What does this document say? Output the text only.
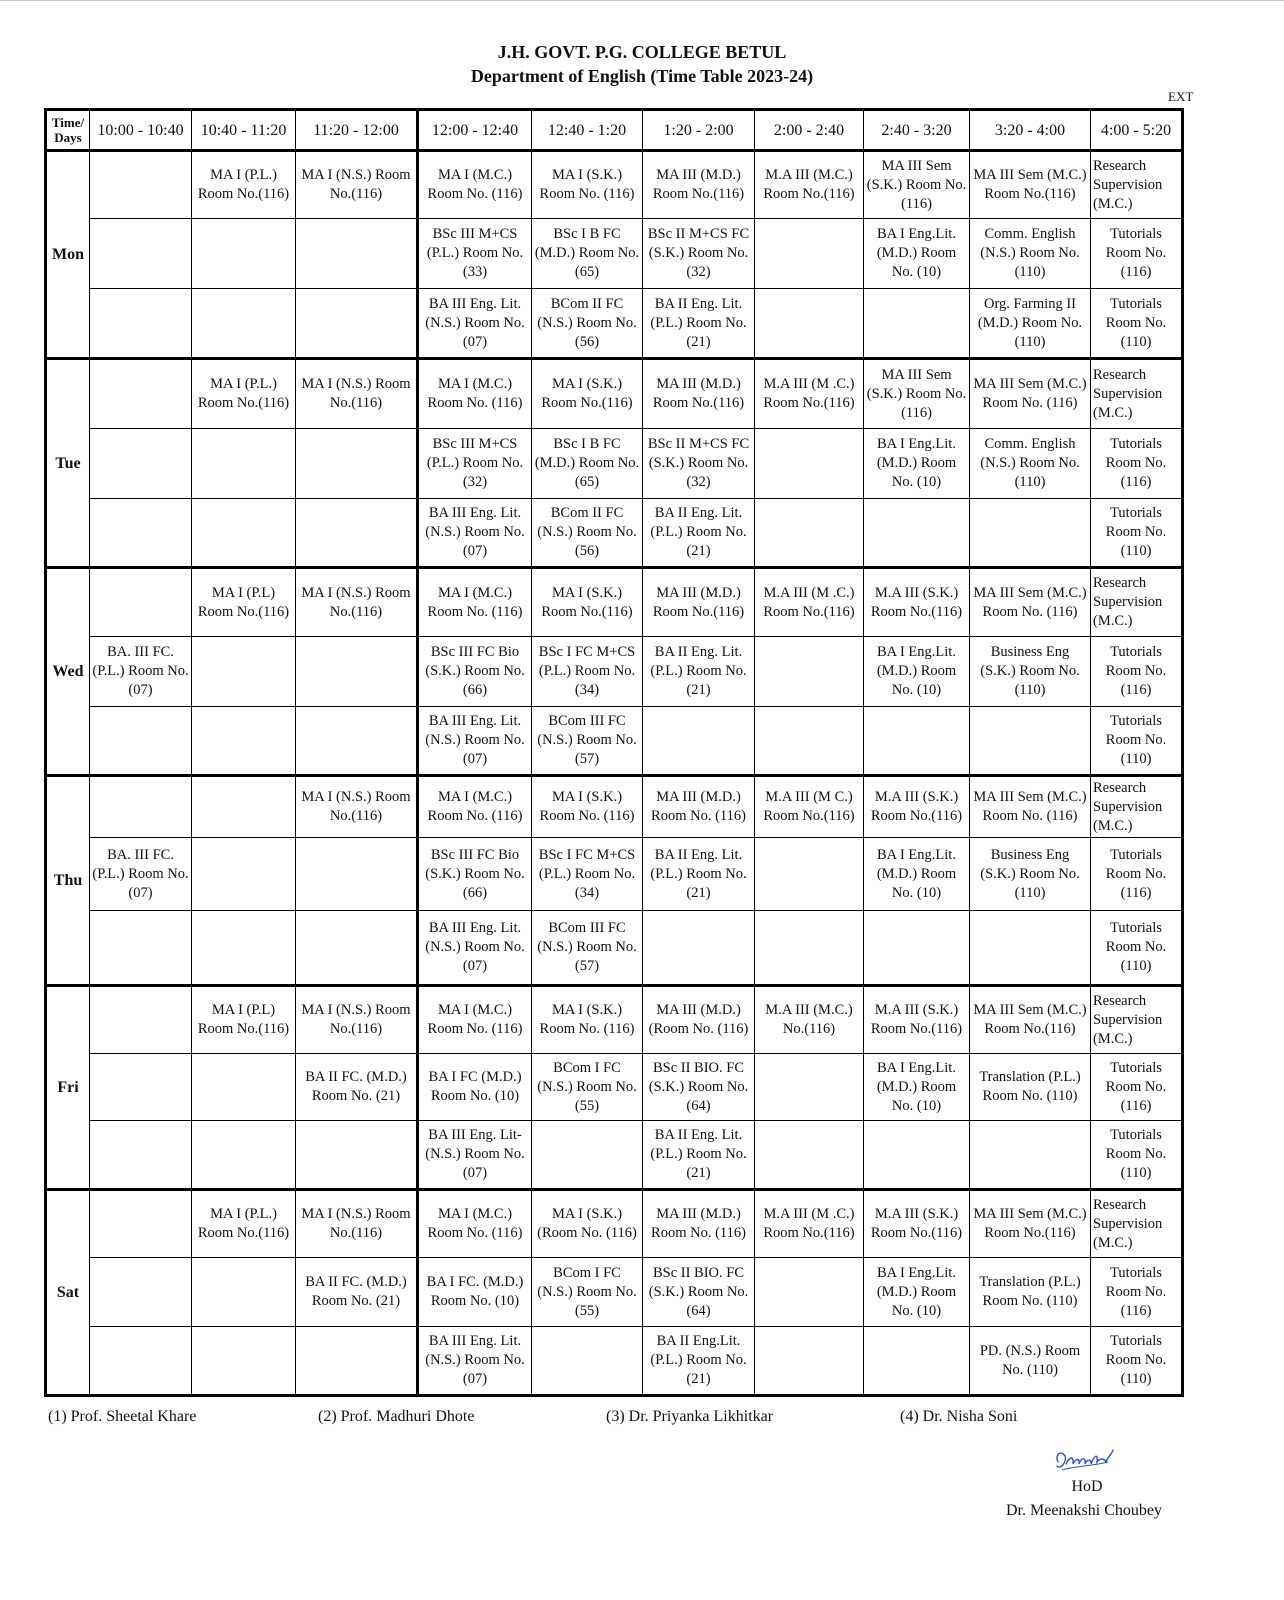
J.H. GOVT. P.G. COLLEGE BETUL
Department of English (Time Table 2023-24)
EXT
Time/
Days	10:00 - 10:40	10:40 - 11:20	11:20 - 12:00	12:00 - 12:40	12:40 - 1:20	1:20 - 2:00	2:00 - 2:40	2:40 - 3:20	3:20 - 4:00	4:00 - 5:20
Mon		MA I (P.L.) Room No.(116)	MA I (N.S.) Room No.(116)	MA I (M.C.) Room No. (116)	MA I (S.K.) Room No. (116)	MA III (M.D.) Room No.(116)	M.A III (M.C.) Room No.(116)	MA III Sem (S.K.) Room No.(116)	MA III Sem (M.C.) Room No.(116)	Research Supervision (M.C.)
				BSc III M+CS (P.L.) Room No. (33)	BSc I B FC (M.D.) Room No. (65)	BSc II M+CS FC (S.K.) Room No. (32)		BA I Eng.Lit. (M.D.) Room No. (10)	Comm. English (N.S.) Room No. (110)	Tutorials Room No. (116)
				BA III Eng. Lit. (N.S.) Room No. (07)	BCom II FC (N.S.) Room No. (56)	BA II Eng. Lit. (P.L.) Room No. (21)			Org. Farming II (M.D.) Room No. (110)	Tutorials Room No. (110)
Tue		MA I (P.L.) Room No.(116)	MA I (N.S.) Room No.(116)	MA I (M.C.) Room No. (116)	MA I (S.K.) Room No.(116)	MA III (M.D.) Room No.(116)	M.A III (M .C.) Room No.(116)	MA III Sem (S.K.) Room No.(116)	MA III Sem (M.C.) Room No. (116)	Research Supervision (M.C.)
				BSc III M+CS (P.L.) Room No. (32)	BSc I B FC (M.D.) Room No. (65)	BSc II M+CS FC (S.K.) Room No. (32)		BA I Eng.Lit. (M.D.) Room No. (10)	Comm. English (N.S.) Room No. (110)	Tutorials Room No. (116)
				BA III Eng. Lit. (N.S.) Room No. (07)	BCom II FC (N.S.) Room No. (56)	BA II Eng. Lit. (P.L.) Room No. (21)				Tutorials Room No. (110)
Wed		MA I (P.L) Room No.(116)	MA I (N.S.) Room No.(116)	MA I (M.C.) Room No. (116)	MA I (S.K.) Room No.(116)	MA III (M.D.) Room No.(116)	M.A III (M .C.) Room No.(116)	M.A III (S.K.) Room No.(116)	MA III Sem (M.C.) Room No. (116)	Research Supervision (M.C.)
	BA. III FC. (P.L.) Room No. (07)			BSc III FC Bio (S.K.) Room No. (66)	BSc I FC M+CS (P.L.) Room No. (34)	BA II Eng. Lit. (P.L.) Room No. (21)		BA I Eng.Lit. (M.D.) Room No. (10)	Business Eng (S.K.) Room No. (110)	Tutorials Room No. (116)
				BA III Eng. Lit. (N.S.) Room No. (07)	BCom III FC (N.S.) Room No. (57)					Tutorials Room No. (110)
Thu			MA I (N.S.) Room No.(116)	MA I (M.C.) Room No. (116)	MA I (S.K.) Room No. (116)	MA III (M.D.) Room No. (116)	M.A III (M C.) Room No.(116)	M.A III (S.K.) Room No.(116)	MA III Sem (M.C.) Room No. (116)	Research Supervision (M.C.)
	BA. III FC. (P.L.) Room No. (07)			BSc III FC Bio (S.K.) Room No. (66)	BSc I FC M+CS (P.L.) Room No. (34)	BA II Eng. Lit. (P.L.) Room No. (21)		BA I Eng.Lit. (M.D.) Room No. (10)	Business Eng (S.K.) Room No. (110)	Tutorials Room No. (116)
				BA III Eng. Lit. (N.S.) Room No. (07)	BCom III FC (N.S.) Room No. (57)					Tutorials Room No. (110)
Fri		MA I (P.L) Room No.(116)	MA I (N.S.) Room No.(116)	MA I (M.C.) Room No. (116)	MA I (S.K.) Room No. (116)	MA III (M.D.) (Room No. (116)	M.A III (M.C.) No.(116)	M.A III (S.K.) Room No.(116)	MA III Sem (M.C.) Room No.(116)	Research Supervision (M.C.)
			BA II FC. (M.D.) Room No. (21)	BA I FC (M.D.) Room No. (10)	BCom I FC (N.S.) Room No. (55)	BSc II BIO. FC (S.K.) Room No. (64)		BA I Eng.Lit. (M.D.) Room No. (10)	Translation (P.L.) Room No. (110)	Tutorials Room No. (116)
				BA III Eng. Lit- (N.S.) Room No. (07)		BA II Eng. Lit. (P.L.) Room No. (21)				Tutorials Room No. (110)
Sat		MA I (P.L.) Room No.(116)	MA I (N.S.) Room No.(116)	MA I (M.C.) Room No. (116)	MA I (S.K.) (Room No. (116)	MA III (M.D.) Room No. (116)	M.A III (M .C.) Room No.(116)	M.A III (S.K.) Room No.(116)	MA III Sem (M.C.) Room No.(116)	Research Supervision (M.C.)
			BA II FC. (M.D.) Room No. (21)	BA I FC. (M.D.) Room No. (10)	BCom I FC (N.S.) Room No. (55)	BSc II BIO. FC (S.K.) Room No. (64)		BA I Eng.Lit. (M.D.) Room No. (10)	Translation (P.L.) Room No. (110)	Tutorials Room No. (116)
				BA III Eng. Lit. (N.S.) Room No. (07)		BA II Eng.Lit. (P.L.) Room No. (21)			PD. (N.S.) Room No. (110)	Tutorials Room No. (110)
(1) Prof. Sheetal Khare	(2) Prof. Madhuri Dhote	(3) Dr. Priyanka Likhitkar	(4) Dr. Nisha Soni
HoD
Dr. Meenakshi Choubey
